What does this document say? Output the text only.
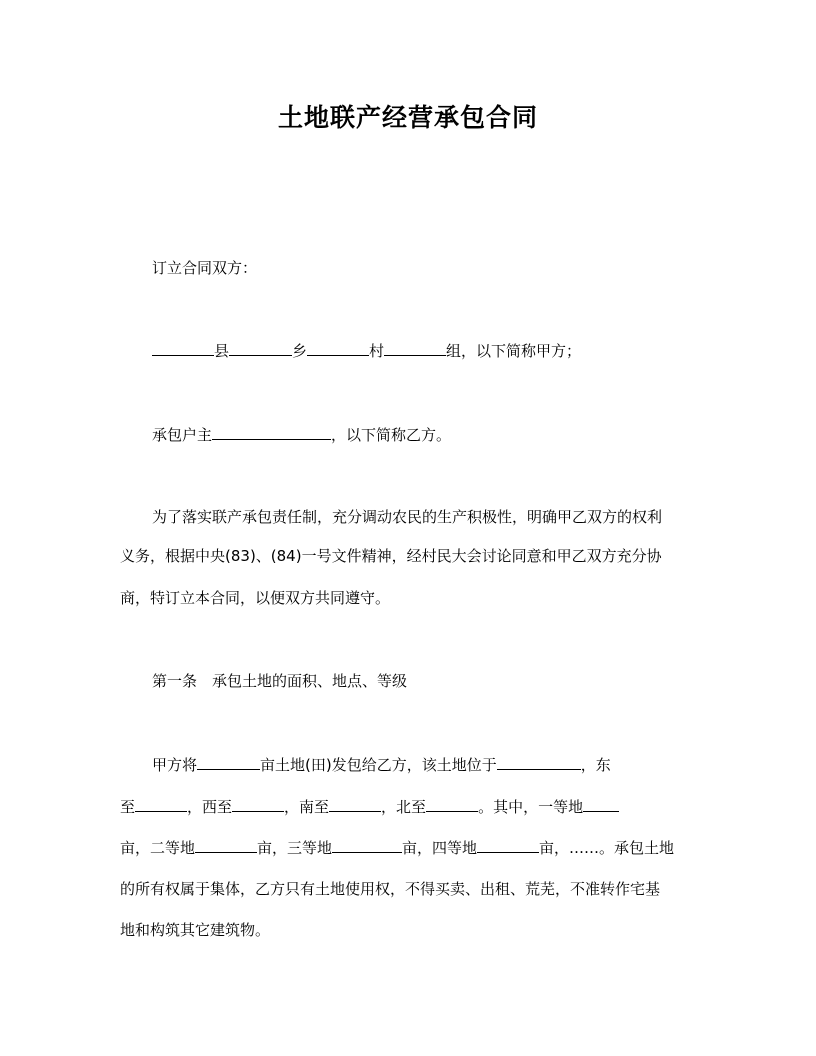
土地联产经营承包合同
订立合同双方：
县	乡	村	组，以下简称甲方；
承包户主	，以下简称乙方。
为了落实联产承包责任制，充分调动农民的生产积极性，明确甲乙双方的权利
义务，根据中央(83)、(84)一号文件精神，经村民大会讨论同意和甲乙双方充分协
商，特订立本合同，以便双方共同遵守。
第一条　承包土地的面积、地点、等级
甲方将	亩土地(田)发包给乙方，该土地位于	，东
至	，西至	，南至	，北至	。其中，一等地
亩，二等地	亩，三等地	亩，四等地	亩，……。承包土地
的所有权属于集体，乙方只有土地使用权，不得买卖、出租、荒芜，不准转作宅基
地和构筑其它建筑物。
